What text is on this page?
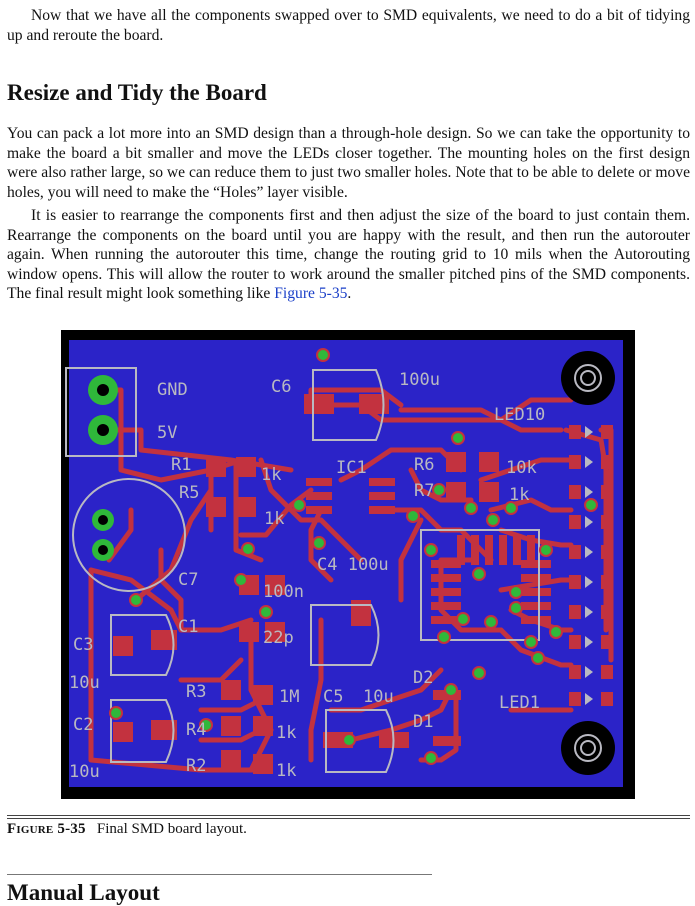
Now that we have all the components swapped over to SMD equivalents, we need to do a bit of tidying up and reroute the board.

Resize and Tidy the Board

You can pack a lot more into an SMD design than a through-hole design. So we can take the opportunity to make the board a bit smaller and move the LEDs closer together. The mounting holes on the first design were also rather large, so we can reduce them to just two smaller holes. Note that to be able to delete or move holes, you will need to make the “Holes” layer visible.

It is easier to rearrange the components first and then adjust the size of the board to just contain them. Rearrange the components on the board until you are happy with the result, and then run the autorouter again. When running the autorouter this time, change the routing grid to 10 mils when the Autorouting window opens. This will allow the router to work around the smaller pitched pins of the SMD components. The final result might look something like Figure 5-35.

GND
5V
C6	100u
LED10
R1	1k
R5
1k
IC1	R6	10k
R7	1k
C4 100u
C7
100n
C1
22p
C3
10u	R3	1M C5 10u
D2
D1
LED1
C2
10u
R4	1k
R2	1k
Figure 5-35 Final SMD board layout.
Manual Layout
